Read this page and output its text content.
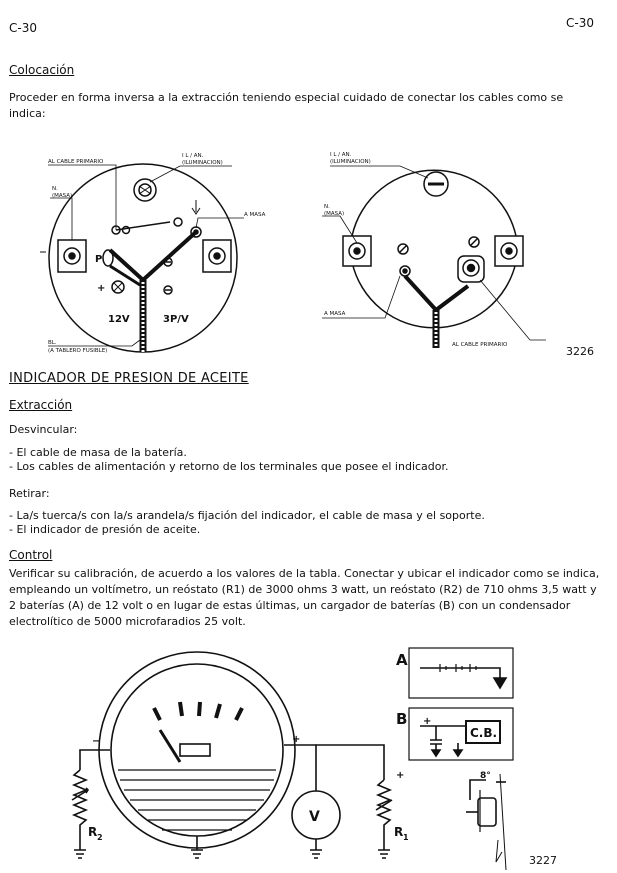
C-30	C-30
Colocación
Proceder en forma inversa a la extracción teniendo especial cuidado de conectar los cables como se indica:
AL CABLE PRIMARIO
I L / AN.
(ILUMINACION)
N.
(MASA)
A MASA
P
+
12V	3P/V
BL.
(A TABLERO FUSIBLE)
I L / AN.
(ILUMINACION)
N.
(MASA)
A MASA
AL CABLE PRIMARIO	3226
INDICADOR DE PRESION DE ACEITE
Extracción
Desvincular:
- El cable de masa de la batería.
- Los cables de alimentación y retorno de los terminales que posee el indicador.
Retirar:
- La/s tuerca/s con la/s arandela/s fijación del indicador, el cable de masa y el soporte.
- El indicador de presión de aceite.
Control
Verificar su calibración, de acuerdo a los valores de la tabla. Conectar y ubicar el indicador como se indica, empleando un voltímetro, un reóstato (R1) de 3000 ohms 3 watt, un reóstato (R2) de 710 ohms 3,5 watt y 2 baterías (A) de 12 volt o en lugar de estas últimas, un cargador de baterías (B) con un condensador electrolítico de 5000 microfaradios 25 volt.
−	+
+
V
R 2	R 1
A
B +
C.B.
8°
3227
